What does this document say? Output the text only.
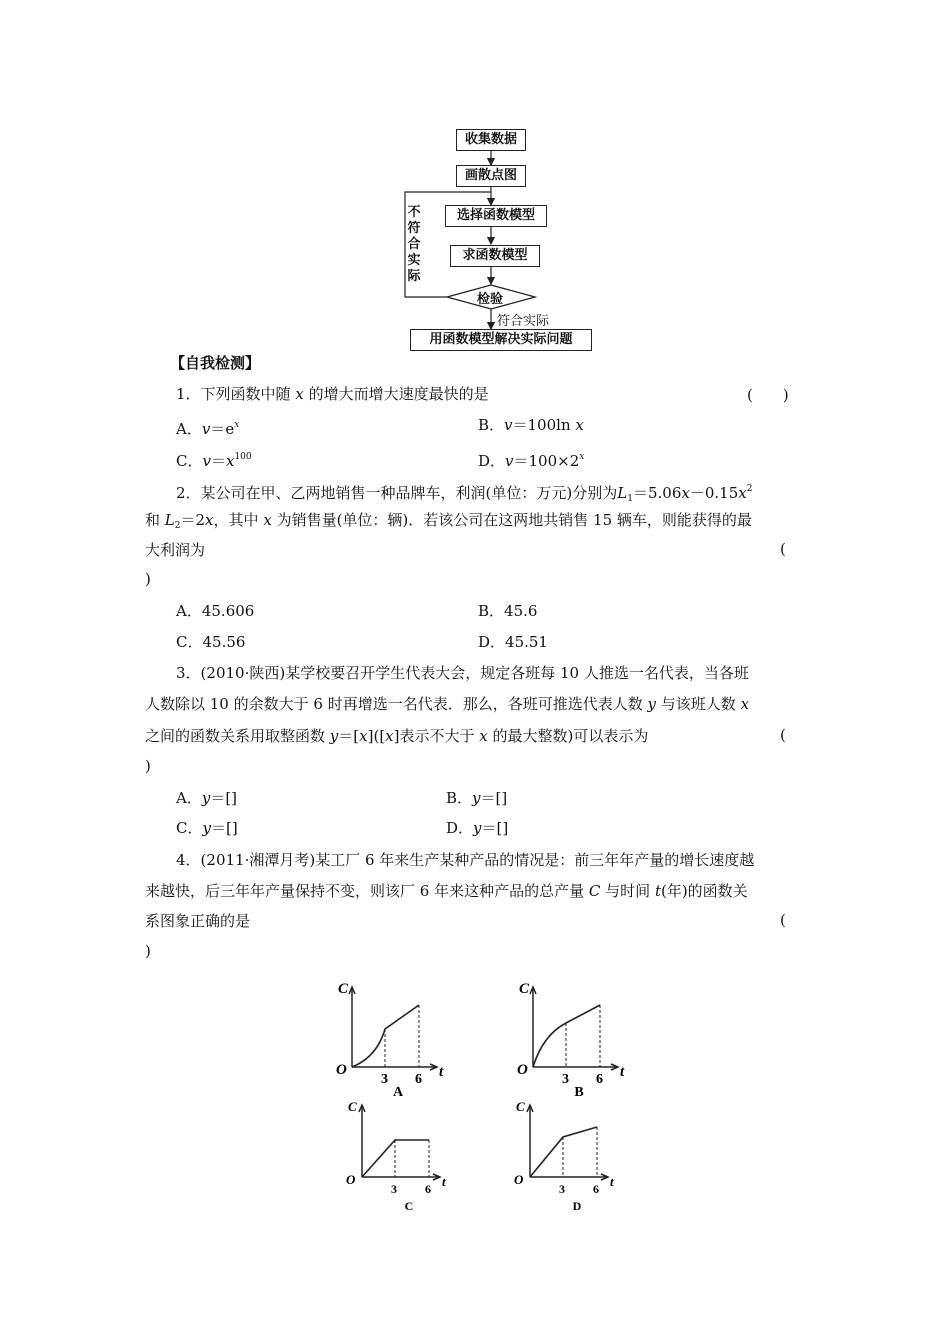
收集数据
画散点图
选择函数模型
求函数模型
检验
不符合实际
符合实际
用函数模型解决实际问题
【自我检测】
1．下列函数中随 x 的增大而增大速度最快的是	(　　)
A．$v=e^x$	B．v＝100ln x
C．$v=x^{100}$	D．$v=100\times 2^x$
2．某公司在甲、乙两地销售一种品牌车，利润(单位：万元)分别为$L_1=5.06x-0.15x^2$
和 $L_2=2x$，其中 x 为销售量(单位：辆)．若该公司在这两地共销售 15 辆车，则能获得的最
大利润为	(
)
A．45.606	B．45.6
C．45.56	D．45.51
3．(2010·陕西)某学校要召开学生代表大会，规定各班每 10 人推选一名代表，当各班
人数除以 10 的余数大于 6 时再增选一名代表．那么，各班可推选代表人数 y 与该班人数 x
之间的函数关系用取整函数 y＝[x]([x]表示不大于 x 的最大整数)可以表示为	(
)
A．y＝[]	B．y＝[]
C．y＝[]	D．y＝[]
4．(2011·湘潭月考)某工厂 6 年来生产某种产品的情况是：前三年年产量的增长速度越
来越快，后三年年产量保持不变，则该厂 6 年来这种产品的总产量 C 与时间 t(年)的函数关
系图象正确的是	(
)
O
C
t
3 6
A
O
C
t
3 6
B
O
C
t
3 6
C
O
C
t
3 6
D
